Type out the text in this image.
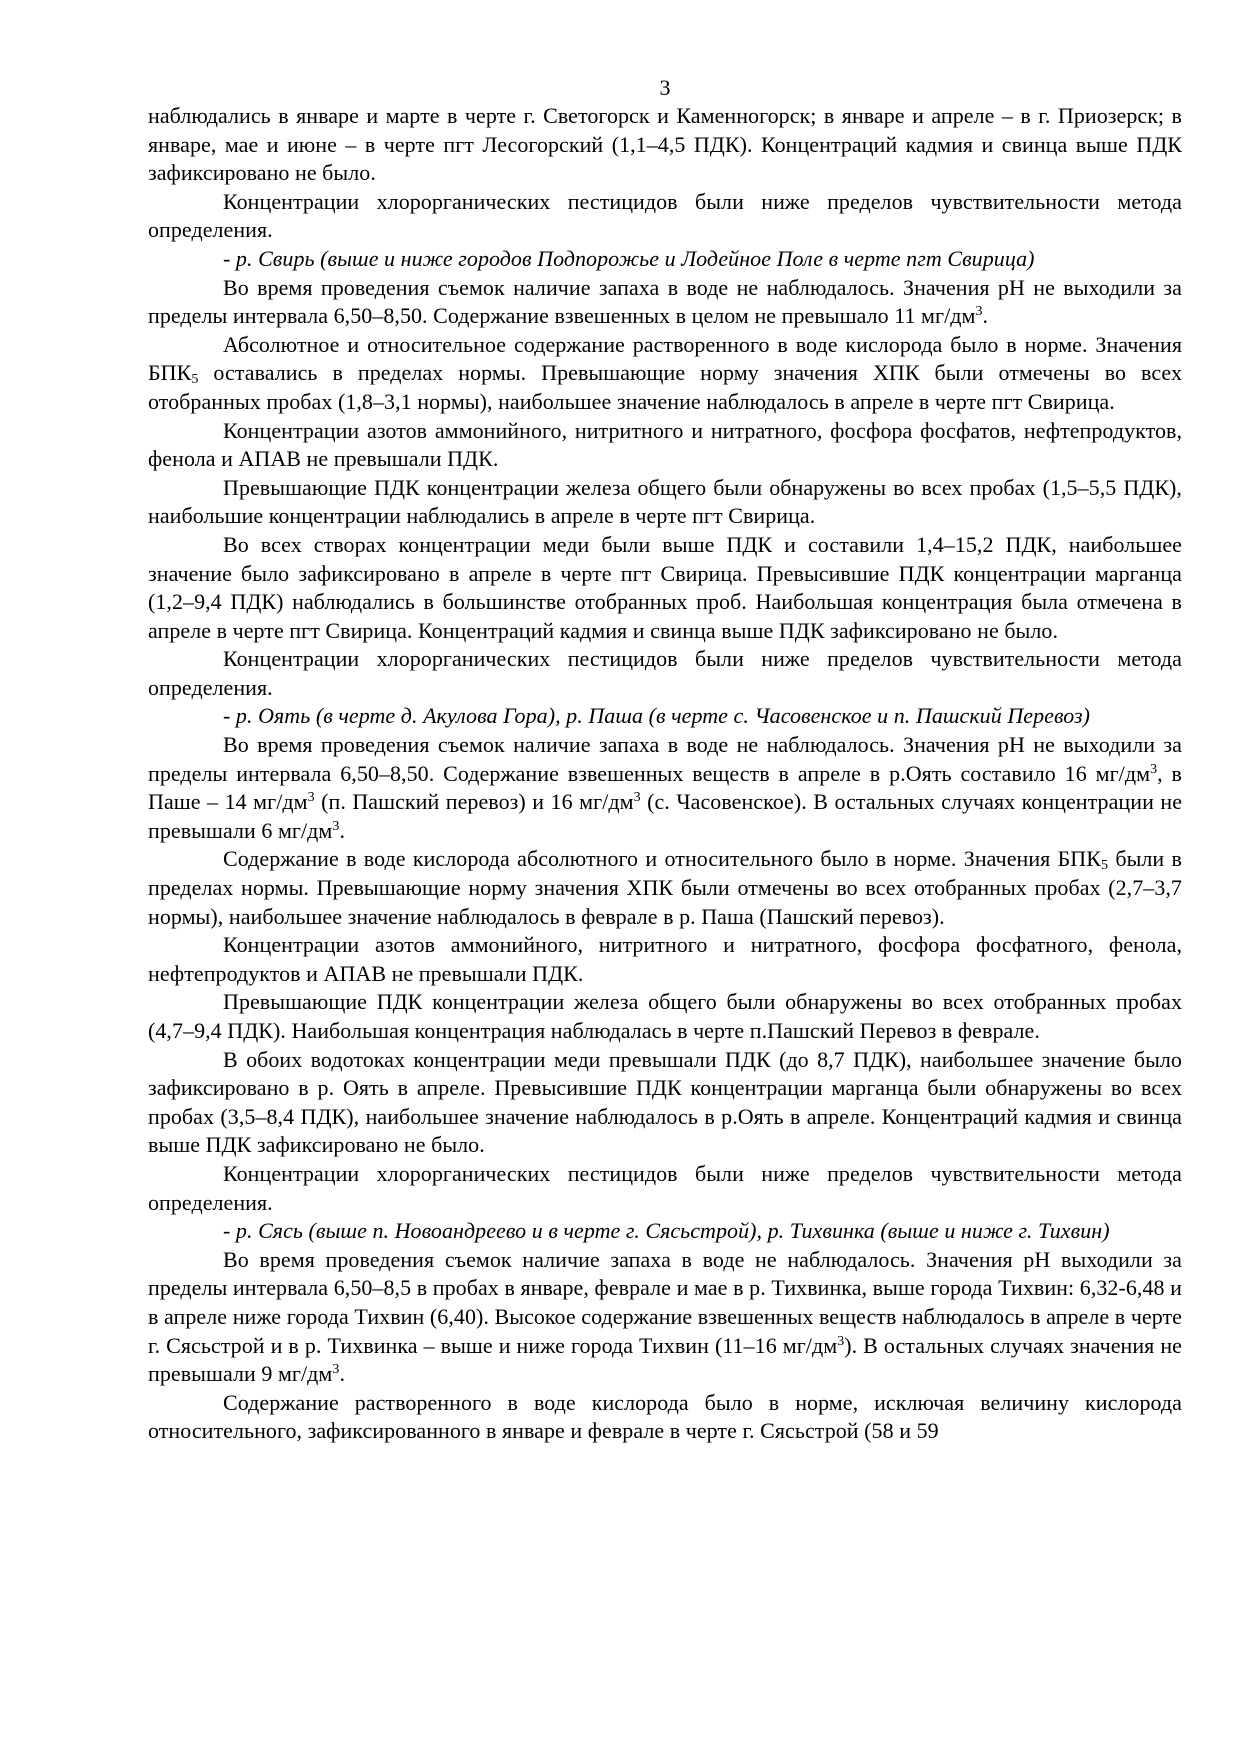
3

наблюдались в январе и марте в черте г. Светогорск и Каменногорск; в январе и апреле – в г. Приозерск; в январе, мае и июне – в черте пгт Лесогорский (1,1–4,5 ПДК). Концентраций кадмия и свинца выше ПДК зафиксировано не было.

Концентрации хлорорганических пестицидов были ниже пределов чувствительности метода определения.

- р. Свирь (выше и ниже городов Подпорожье и Лодейное Поле в черте пгт Свирица)

Во время проведения съемок наличие запаха в воде не наблюдалось. Значения pH не выходили за пределы интервала 6,50–8,50. Содержание взвешенных в целом не превышало 11 $мг/дм^3$.

Абсолютное и относительное содержание растворенного в воде кислорода было в норме. Значения $БПК_5$ оставались в пределах нормы. Превышающие норму значения ХПК были отмечены во всех отобранных пробах (1,8–3,1 нормы), наибольшее значение наблюдалось в апреле в черте пгт Свирица.

Концентрации азотов аммонийного, нитритного и нитратного, фосфора фосфатов, нефтепродуктов, фенола и АПАВ не превышали ПДК.

Превышающие ПДК концентрации железа общего были обнаружены во всех пробах (1,5–5,5 ПДК), наибольшие концентрации наблюдались в апреле в черте пгт Свирица.

Во всех створах концентрации меди были выше ПДК и составили 1,4–15,2 ПДК, наибольшее значение было зафиксировано в апреле в черте пгт Свирица. Превысившие ПДК концентрации марганца (1,2–9,4 ПДК) наблюдались в большинстве отобранных проб. Наибольшая концентрация была отмечена в апреле в черте пгт Свирица. Концентраций кадмия и свинца выше ПДК зафиксировано не было.

Концентрации хлорорганических пестицидов были ниже пределов чувствительности метода определения.

- р. Оять (в черте д. Акулова Гора), р. Паша (в черте с. Часовенское и п. Пашский Перевоз)

Во время проведения съемок наличие запаха в воде не наблюдалось. Значения pH не выходили за пределы интервала 6,50–8,50. Содержание взвешенных веществ в апреле в р.Оять составило 16 $мг/дм^3$, в Паше – 14 $мг/дм^3$ (п. Пашский перевоз) и 16 $мг/дм^3$ (с. Часовенское). В остальных случаях концентрации не превышали 6 $мг/дм^3$.

Содержание в воде кислорода абсолютного и относительного было в норме. Значения $БПК_5$ были в пределах нормы. Превышающие норму значения ХПК были отмечены во всех отобранных пробах (2,7–3,7 нормы), наибольшее значение наблюдалось в феврале в р. Паша (Пашский перевоз).

Концентрации азотов аммонийного, нитритного и нитратного, фосфора фосфатного, фенола, нефтепродуктов и АПАВ не превышали ПДК.

Превышающие ПДК концентрации железа общего были обнаружены во всех отобранных пробах (4,7–9,4 ПДК). Наибольшая концентрация наблюдалась в черте п.Пашский Перевоз в феврале.

В обоих водотоках концентрации меди превышали ПДК (до 8,7 ПДК), наибольшее значение было зафиксировано в р. Оять в апреле. Превысившие ПДК концентрации марганца были обнаружены во всех пробах (3,5–8,4 ПДК), наибольшее значение наблюдалось в р.Оять в апреле. Концентраций кадмия и свинца выше ПДК зафиксировано не было.

Концентрации хлорорганических пестицидов были ниже пределов чувствительности метода определения.

- р. Сясь (выше п. Новоандреево и в черте г. Сясьстрой), р. Тихвинка (выше и ниже г. Тихвин)

Во время проведения съемок наличие запаха в воде не наблюдалось. Значения pH выходили за пределы интервала 6,50–8,5 в пробах в январе, феврале и мае в р. Тихвинка, выше города Тихвин: 6,32-6,48 и в апреле ниже города Тихвин (6,40). Высокое содержание взвешенных веществ наблюдалось в апреле в черте г. Сясьстрой и в р. Тихвинка – выше и ниже города Тихвин (11–16 $мг/дм^3$). В остальных случаях значения не превышали 9 $мг/дм^3$.

Содержание растворенного в воде кислорода было в норме, исключая величину кислорода относительного, зафиксированного в январе и феврале в черте г. Сясьстрой (58 и 59
